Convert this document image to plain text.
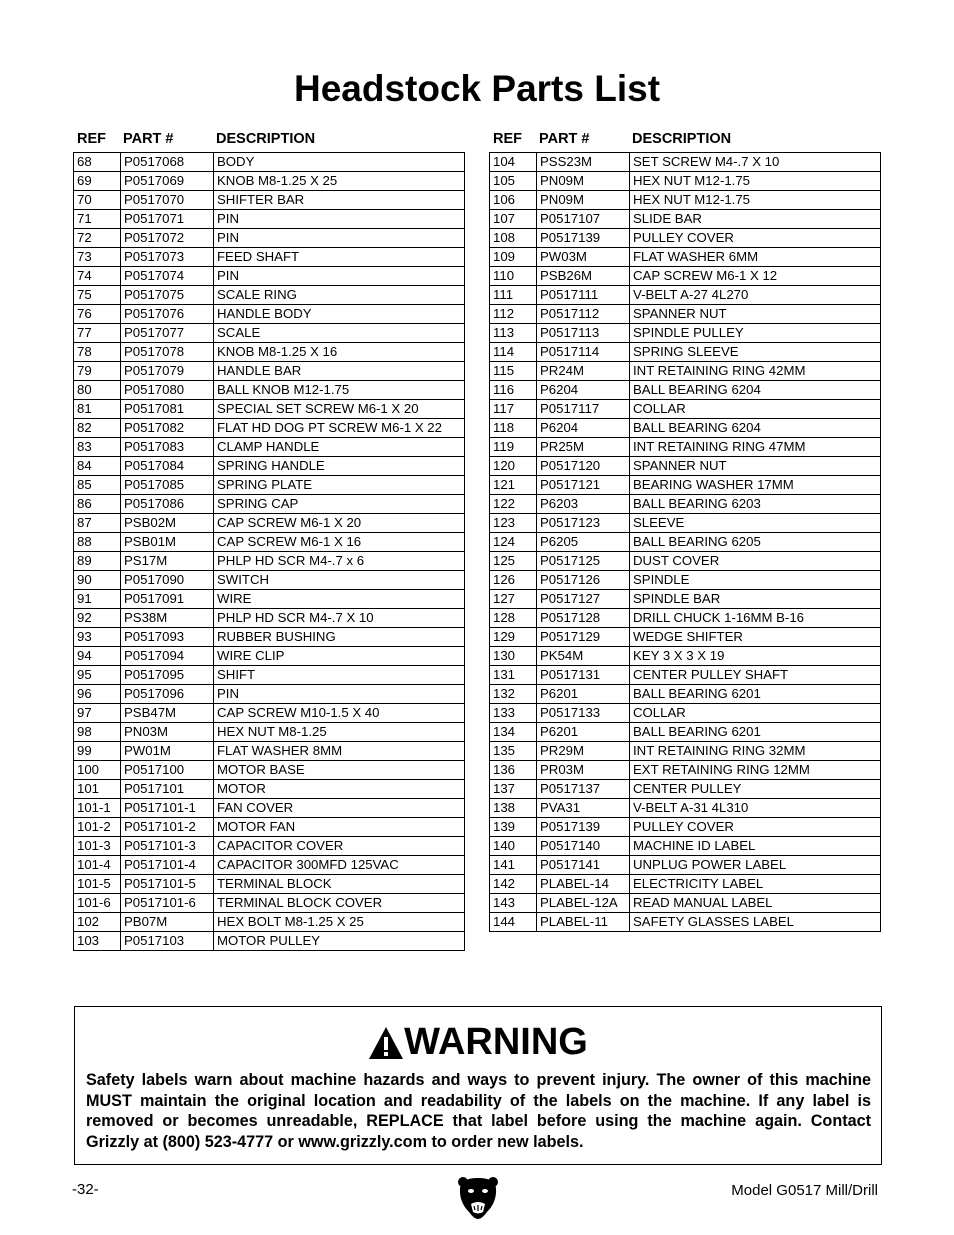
Headstock Parts List
REF PART #	DESCRIPTION
68	P0517068	BODY
69	P0517069	KNOB M8-1.25 X 25
70	P0517070	SHIFTER BAR
71	P0517071	PIN
72	P0517072	PIN
73	P0517073	FEED SHAFT
74	P0517074	PIN
75	P0517075	SCALE RING
76	P0517076	HANDLE BODY
77	P0517077	SCALE
78	P0517078	KNOB M8-1.25 X 16
79	P0517079	HANDLE BAR
80	P0517080	BALL KNOB M12-1.75
81	P0517081	SPECIAL SET SCREW M6-1 X 20
82	P0517082	FLAT HD DOG PT SCREW M6-1 X 22
83	P0517083	CLAMP HANDLE
84	P0517084	SPRING HANDLE
85	P0517085	SPRING PLATE
86	P0517086	SPRING CAP
87	PSB02M	CAP SCREW M6-1 X 20
88	PSB01M	CAP SCREW M6-1 X 16
89	PS17M	PHLP HD SCR M4-.7 x 6
90	P0517090	SWITCH
91	P0517091	WIRE
92	PS38M	PHLP HD SCR M4-.7 X 10
93	P0517093	RUBBER BUSHING
94	P0517094	WIRE CLIP
95	P0517095	SHIFT
96	P0517096	PIN
97	PSB47M	CAP SCREW M10-1.5 X 40
98	PN03M	HEX NUT M8-1.25
99	PW01M	FLAT WASHER 8MM
100	P0517100	MOTOR BASE
101	P0517101	MOTOR
101-1	P0517101-1	FAN COVER
101-2	P0517101-2	MOTOR FAN
101-3	P0517101-3	CAPACITOR COVER
101-4	P0517101-4	CAPACITOR 300MFD 125VAC
101-5	P0517101-5	TERMINAL BLOCK
101-6	P0517101-6	TERMINAL BLOCK COVER
102	PB07M	HEX BOLT M8-1.25 X 25
103	P0517103	MOTOR PULLEY
REF PART #	DESCRIPTION
104	PSS23M	SET SCREW M4-.7 X 10
105	PN09M	HEX NUT M12-1.75
106	PN09M	HEX NUT M12-1.75
107	P0517107	SLIDE BAR
108	P0517139	PULLEY COVER
109	PW03M	FLAT WASHER 6MM
110	PSB26M	CAP SCREW M6-1 X 12
111	P0517111	V-BELT A-27 4L270
112	P0517112	SPANNER NUT
113	P0517113	SPINDLE PULLEY
114	P0517114	SPRING SLEEVE
115	PR24M	INT RETAINING RING 42MM
116	P6204	BALL BEARING 6204
117	P0517117	COLLAR
118	P6204	BALL BEARING 6204
119	PR25M	INT RETAINING RING 47MM
120	P0517120	SPANNER NUT
121	P0517121	BEARING WASHER 17MM
122	P6203	BALL BEARING 6203
123	P0517123	SLEEVE
124	P6205	BALL BEARING 6205
125	P0517125	DUST COVER
126	P0517126	SPINDLE
127	P0517127	SPINDLE BAR
128	P0517128	DRILL CHUCK 1-16MM B-16
129	P0517129	WEDGE SHIFTER
130	PK54M	KEY 3 X 3 X 19
131	P0517131	CENTER PULLEY SHAFT
132	P6201	BALL BEARING 6201
133	P0517133	COLLAR
134	P6201	BALL BEARING 6201
135	PR29M	INT RETAINING RING 32MM
136	PR03M	EXT RETAINING RING 12MM
137	P0517137	CENTER PULLEY
138	PVA31	V-BELT A-31 4L310
139	P0517139	PULLEY COVER
140	P0517140	MACHINE ID LABEL
141	P0517141	UNPLUG POWER LABEL
142	PLABEL-14	ELECTRICITY LABEL
143	PLABEL-12A	READ MANUAL LABEL
144	PLABEL-11	SAFETY GLASSES LABEL
WARNING
Safety labels warn about machine hazards and ways to prevent injury. The owner of this machine MUST maintain the original location and readability of the labels on the machine. If any label is removed or becomes unreadable, REPLACE that label before using the machine again. Contact Grizzly at (800) 523-4777 or www.grizzly.com to order new labels.
-32-	Model G0517 Mill/Drill
